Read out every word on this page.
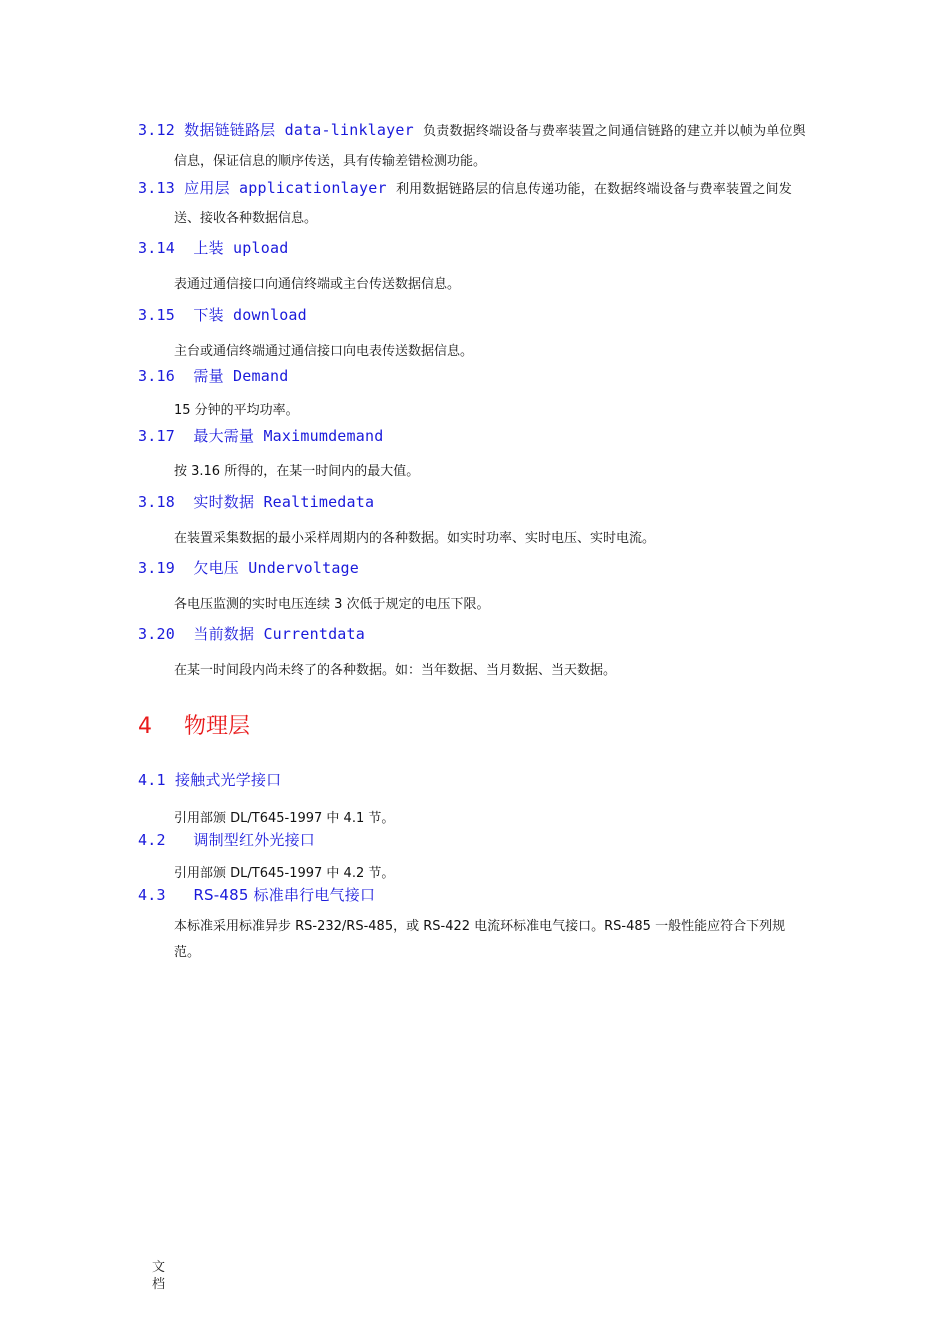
3.12 数据链链路层 data-linklayer 负责数据终端设备与费率装置之间通信链路的建立并以帧为单位舆
信息，保证信息的顺序传送，具有传输差错检测功能。
3.13 应用层 applicationlayer 利用数据链路层的信息传递功能，在数据终端设备与费率装置之间发
送、接收各种数据信息。
3.14 上装 upload
表通过通信接口向通信终端或主台传送数据信息。
3.15 下装 download
主台或通信终端通过通信接口向电表传送数据信息。
3.16 需量 Demand
15 分钟的平均功率。
3.17 最大需量 Maximumdemand
按 3.16 所得的，在某一时间内的最大值。
3.18 实时数据 Realtimedata
在装置采集数据的最小采样周期内的各种数据。如实时功率、实时电压、实时电流。
3.19 欠电压 Undervoltage
各电压监测的实时电压连续 3 次低于规定的电压下限。
3.20 当前数据 Currentdata
在某一时间段内尚未终了的各种数据。如：当年数据、当月数据、当天数据。
4 物理层
4.1 接触式光学接口
引用部颁 DL/T645-1997 中 4.1 节。
4.2 调制型红外光接口
引用部颁 DL/T645-1997 中 4.2 节。
4.3 RS-485 标准串行电气接口
本标准采用标准异步 RS-232/RS-485，或 RS-422 电流环标准电气接口。RS-485 一般性能应符合下列规
范。
文
档
